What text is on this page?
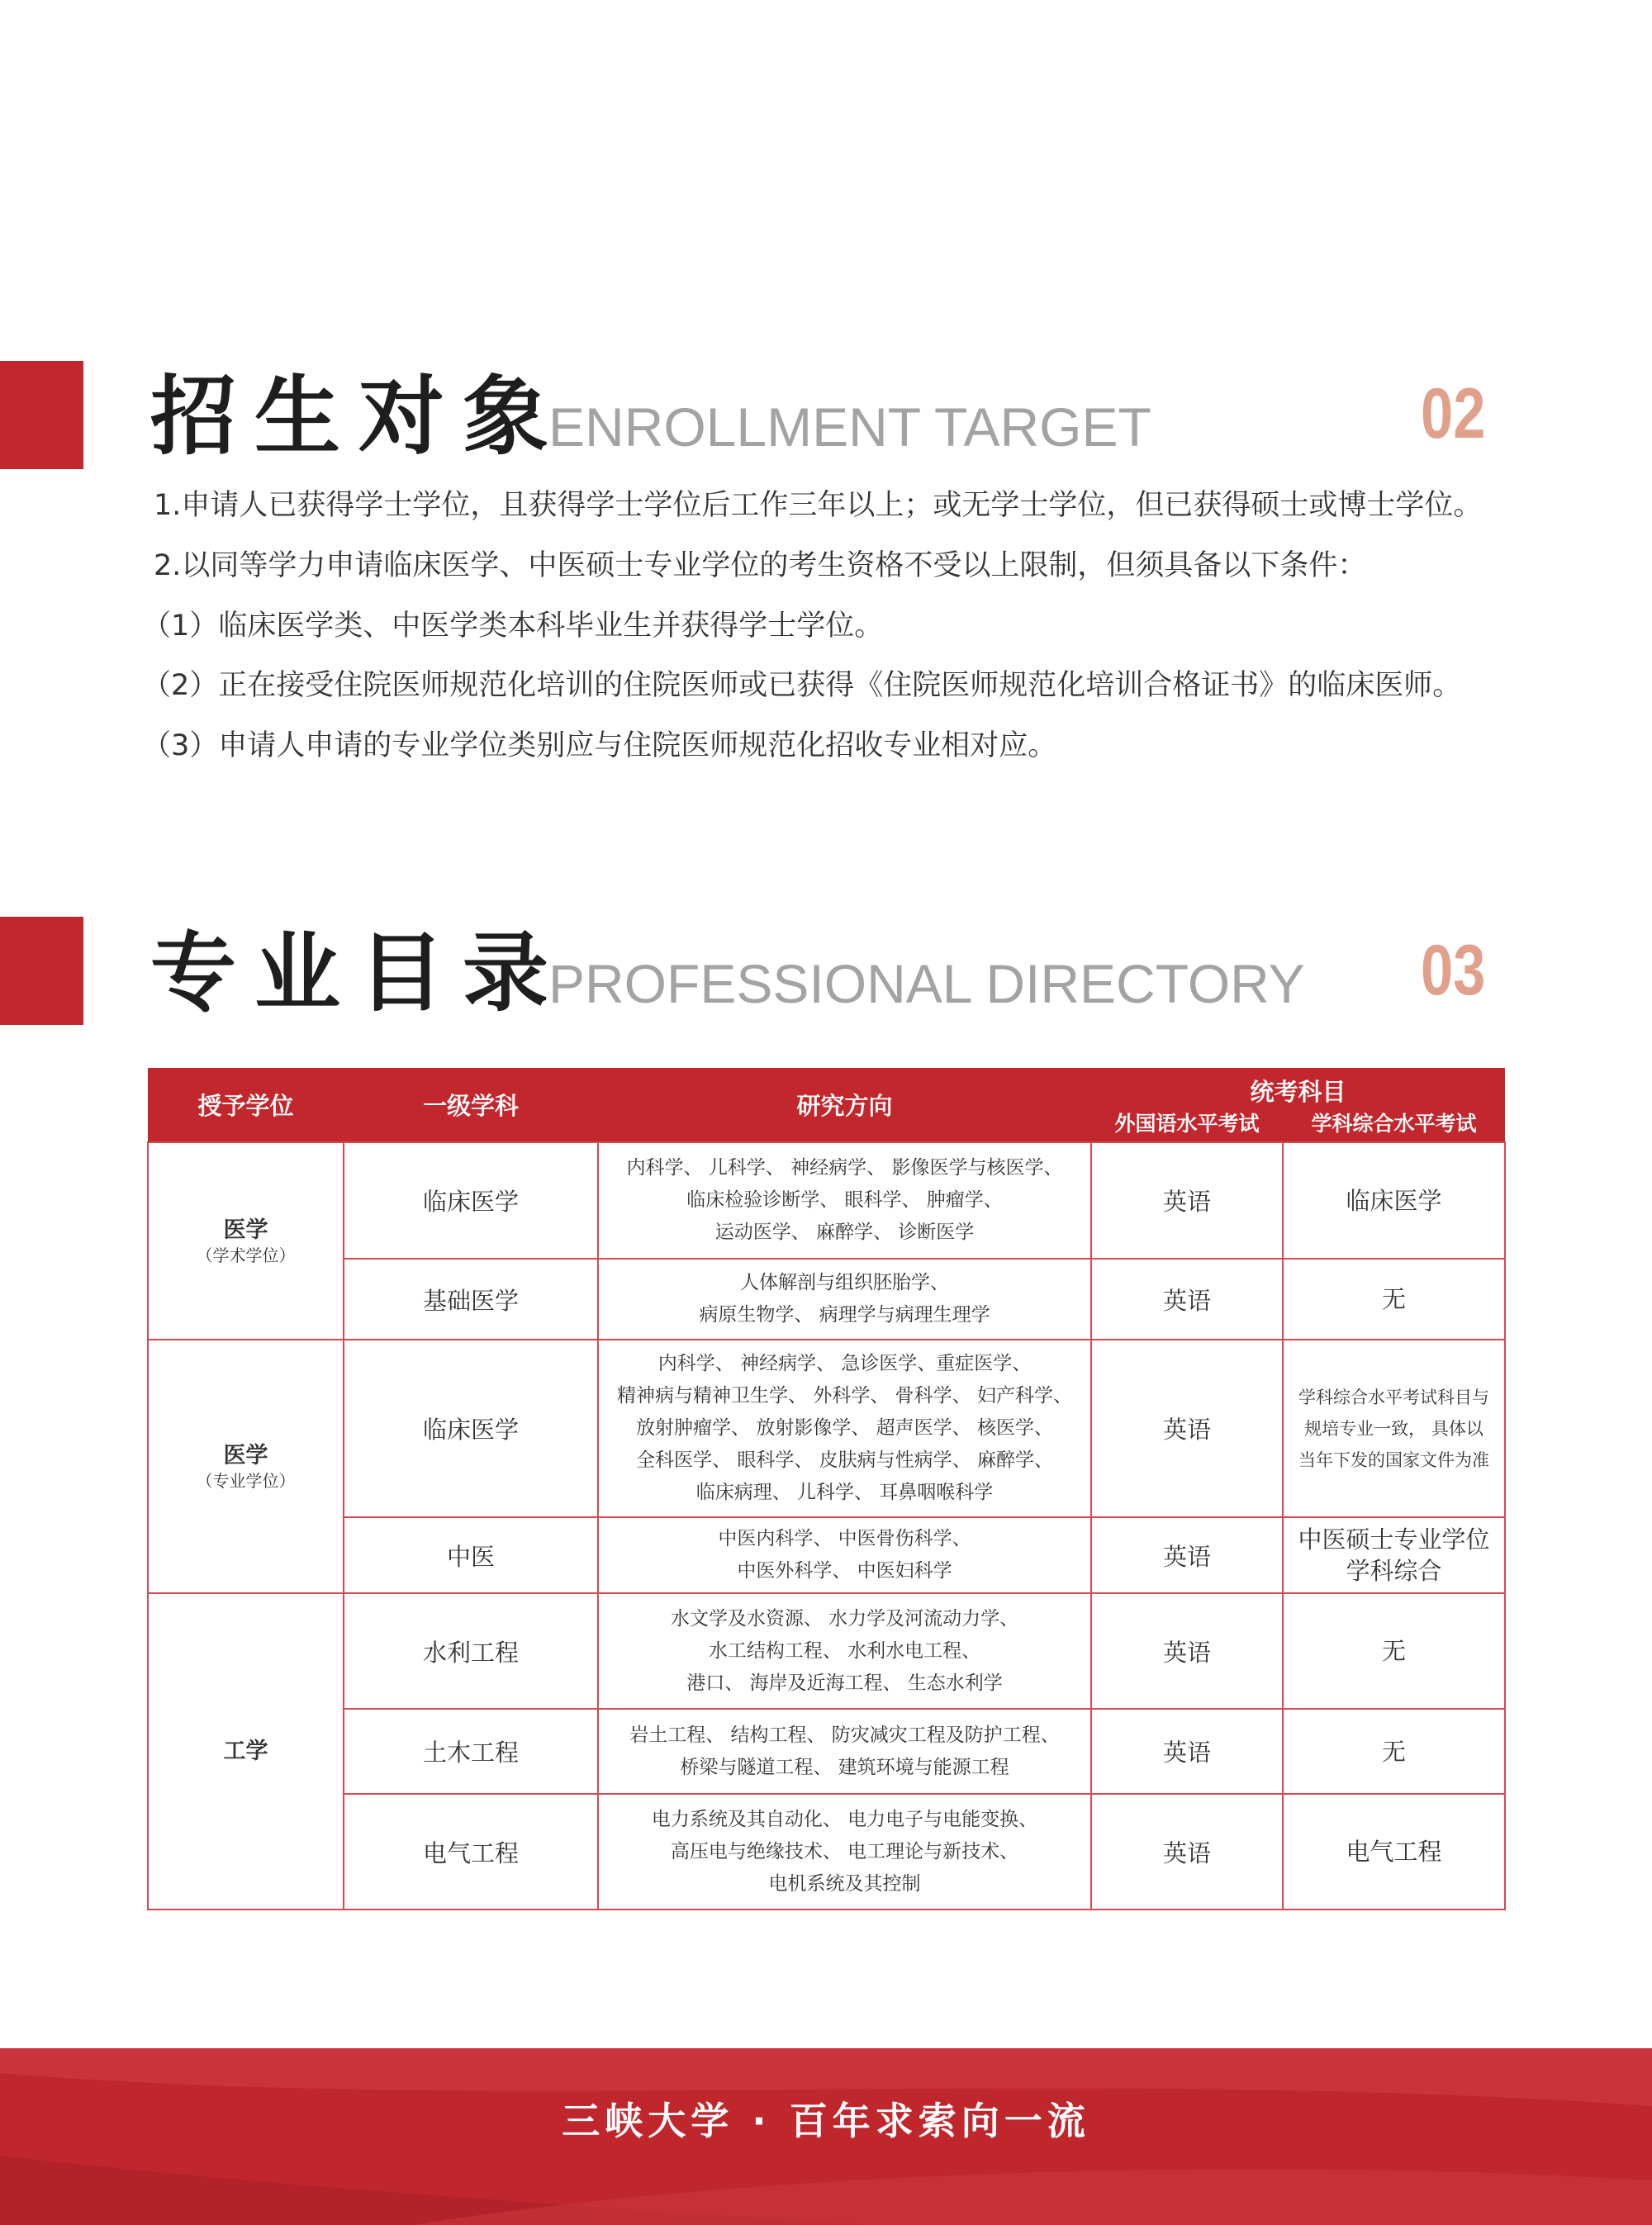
招生对象
ENROLLMENT TARGET	02
1.申请人已获得学士学位，且获得学士学位后工作三年以上；或无学士学位，但已获得硕士或博士学位。
2.以同等学力申请临床医学、中医硕士专业学位的考生资格不受以上限制，但须具备以下条件：
（1）临床医学类、中医学类本科毕业生并获得学士学位。
（2）正在接受住院医师规范化培训的住院医师或已获得《住院医师规范化培训合格证书》的临床医师。
（3）申请人申请的专业学位类别应与住院医师规范化招收专业相对应。
专业目录
PROFESSIONAL DIRECTORY 03
授予学位	一级学科	研究方向	统考科目	
			外国语水平考试	学科综合水平考试
医学
（学术学位）	临床医学	内科学、 儿科学、 神经病学、 影像医学与核医学、
临床检验诊断学、 眼科学、 肿瘤学、
运动医学、 麻醉学、 诊断医学	英语	临床医学
	基础医学	人体解剖与组织胚胎学、
病原生物学、 病理学与病理生理学	英语	无
医学
（专业学位）	临床医学	内科学、 神经病学、 急诊医学、重症医学、
精神病与精神卫生学、 外科学、 骨科学、 妇产科学、
放射肿瘤学、 放射影像学、 超声医学、 核医学、
全科医学、 眼科学、 皮肤病与性病学、 麻醉学、
临床病理、 儿科学、 耳鼻咽喉科学	英语	学科综合水平考试科目与
规培专业一致， 具体以
当年下发的国家文件为准
	中医	中医内科学、 中医骨伤科学、
中医外科学、 中医妇科学	英语	中医硕士专业学位
学科综合
工学	水利工程	水文学及水资源、 水力学及河流动力学、
水工结构工程、 水利水电工程、
港口、 海岸及近海工程、 生态水利学	英语	无
	土木工程	岩土工程、 结构工程、 防灾减灾工程及防护工程、
桥梁与隧道工程、 建筑环境与能源工程	英语	无
	电气工程	电力系统及其自动化、 电力电子与电能变换、
高压电与绝缘技术、 电工理论与新技术、
电机系统及其控制	英语	电气工程
三峡大学 · 百年求索向一流
